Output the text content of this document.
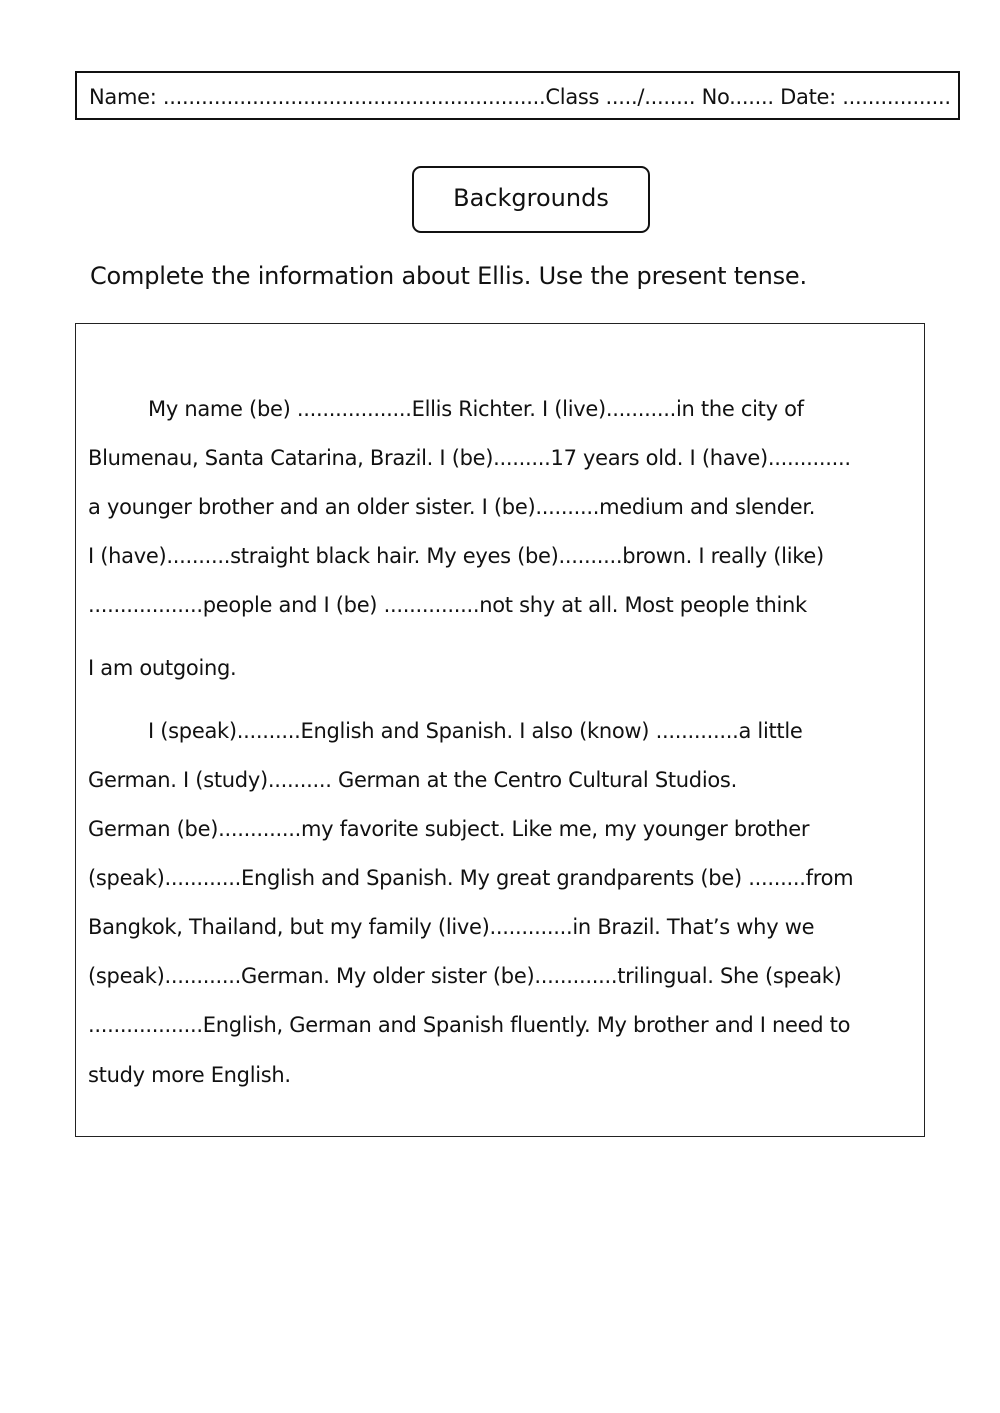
Name: ............................................................Class ...../........ No....... Date: .................
Backgrounds
Complete the information about Ellis. Use the present tense.
My name (be) ..................Ellis Richter. I (live)...........in the city of
Blumenau, Santa Catarina, Brazil. I (be).........17 years old. I (have).............
a younger brother and an older sister. I (be)..........medium and slender.
I (have)..........straight black hair. My eyes (be)..........brown. I really (like)
..................people and I (be) ...............not shy at all. Most people think
I am outgoing.
I (speak)..........English and Spanish. I also (know) .............a little
German. I (study).......... German at the Centro Cultural Studios.
German (be).............my favorite subject. Like me, my younger brother
(speak)............English and Spanish. My great grandparents (be) .........from
Bangkok, Thailand, but my family (live).............in Brazil. That’s why we
(speak)............German. My older sister (be).............trilingual. She (speak)
..................English, German and Spanish fluently. My brother and I need to
study more English.
